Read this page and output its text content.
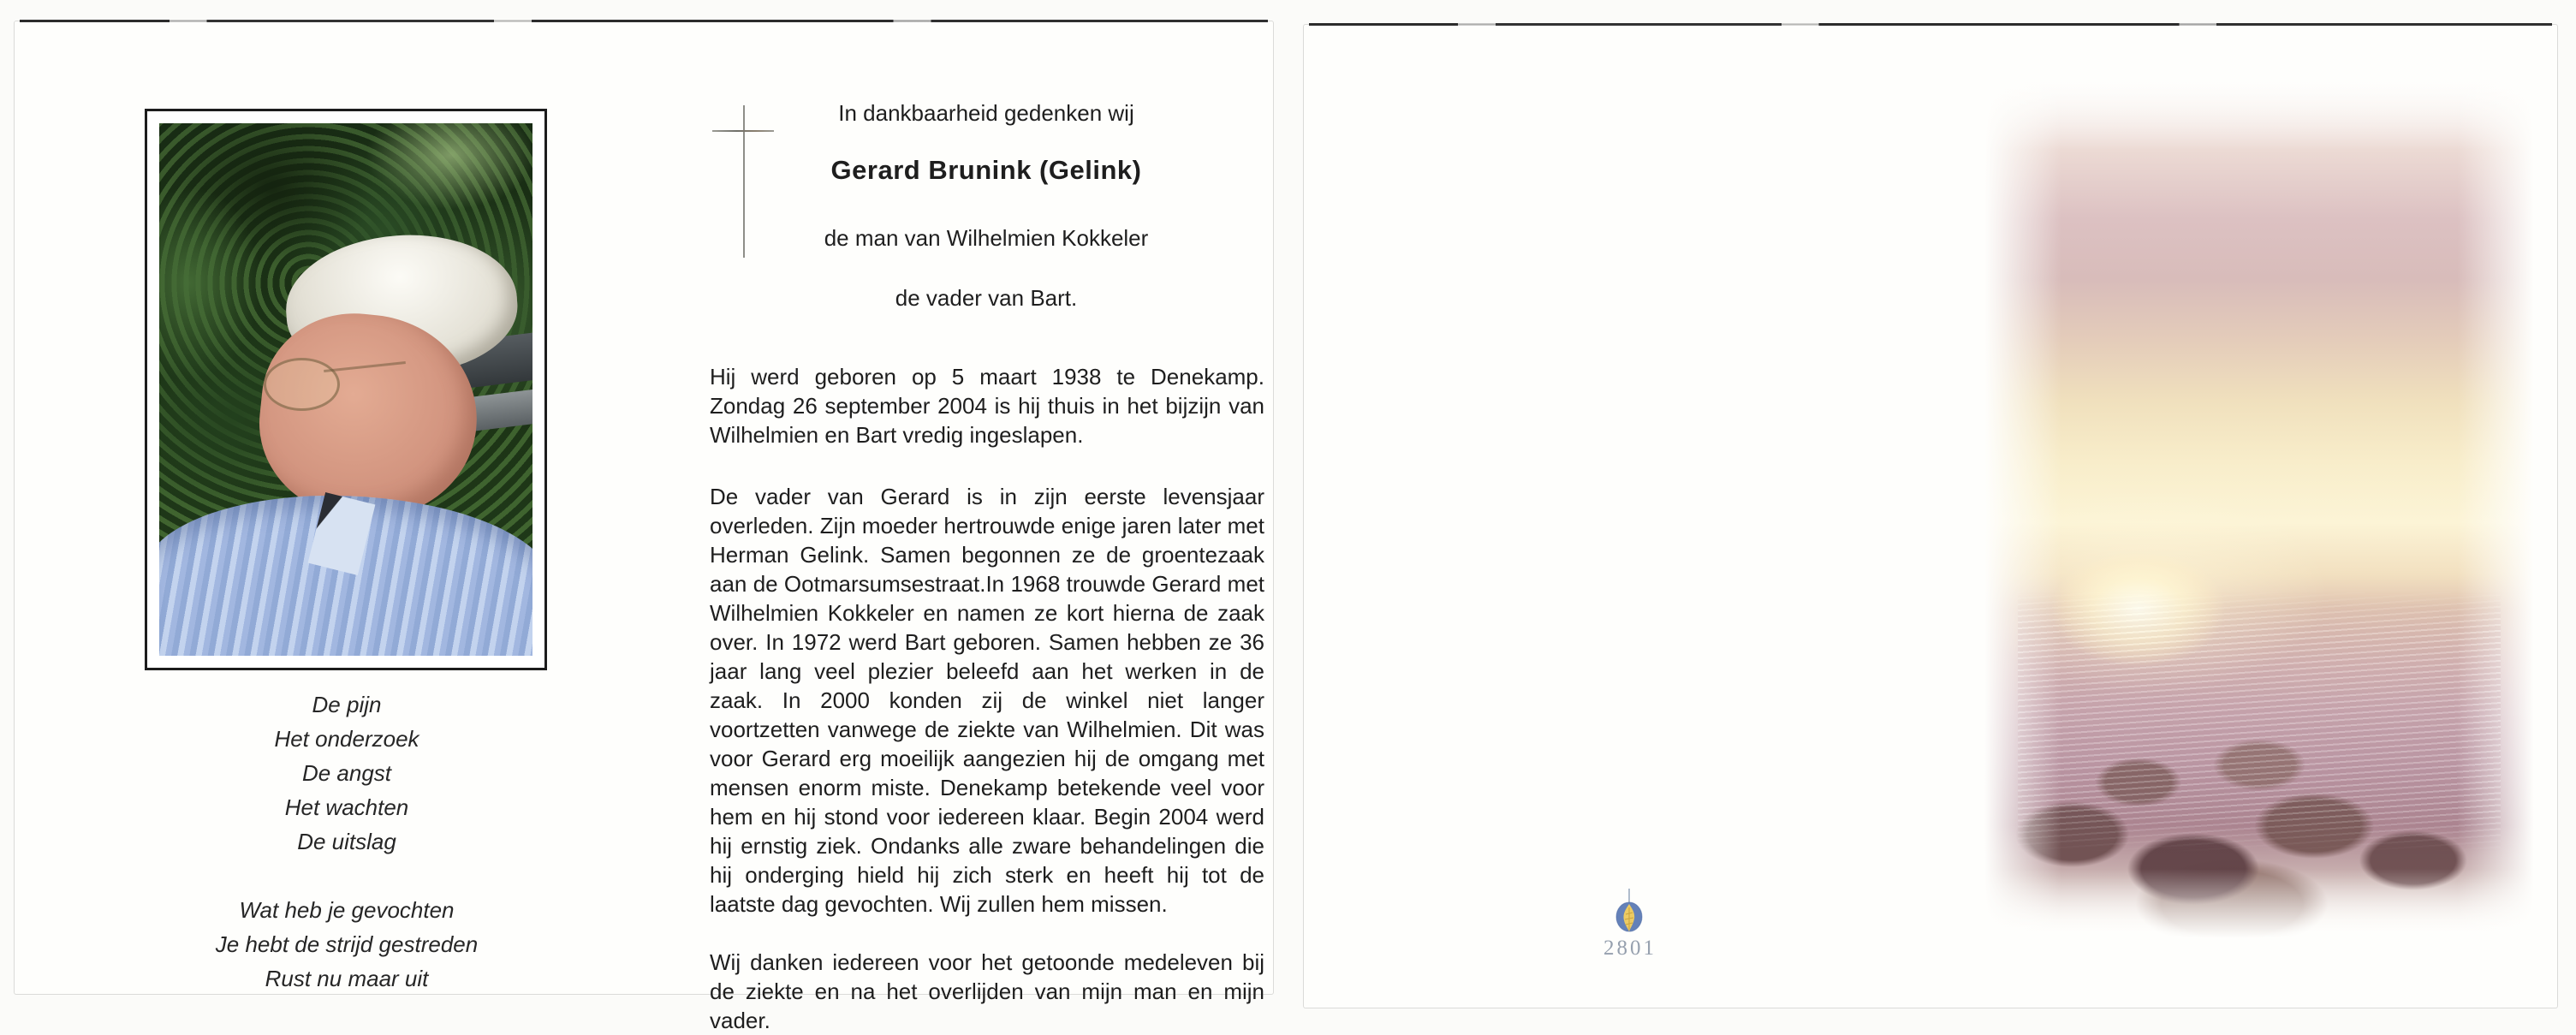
De pijn
Het onderzoek
De angst
Het wachten
De uitslag
Wat heb je gevochten
Je hebt de strijd gestreden
Rust nu maar uit
In dankbaarheid gedenken wij
Gerard Brunink (Gelink)
de man van Wilhelmien Kokkeler
de vader van Bart.

Hij werd geboren op 5 maart 1938 te Denekamp. Zondag 26 september 2004 is hij thuis in het bijzijn van Wilhelmien en Bart vredig ingeslapen.

De vader van Gerard is in zijn eerste levensjaar overleden. Zijn moeder hertrouwde enige jaren later met Herman Gelink. Samen begonnen ze de groentezaak aan de Ootmarsumsestraat.In 1968 trouwde Gerard met Wilhelmien Kokkeler en namen ze kort hierna de zaak over. In 1972 werd Bart geboren. Samen hebben ze 36 jaar lang veel plezier beleefd aan het werken in de zaak. In 2000 konden zij de winkel niet langer voortzetten vanwege de ziekte van Wilhelmien. Dit was voor Gerard erg moeilijk aangezien hij de omgang met mensen enorm miste. Denekamp betekende veel voor hem en hij stond voor iedereen klaar. Begin 2004 werd hij ernstig ziek. Ondanks alle zware behandelingen die hij onderging hield hij zich sterk en heeft hij tot de laatste dag gevochten. Wij zullen hem missen.

Wij danken iedereen voor het getoonde medeleven bij de ziekte en na het overlijden van mijn man en mijn vader.

2801
